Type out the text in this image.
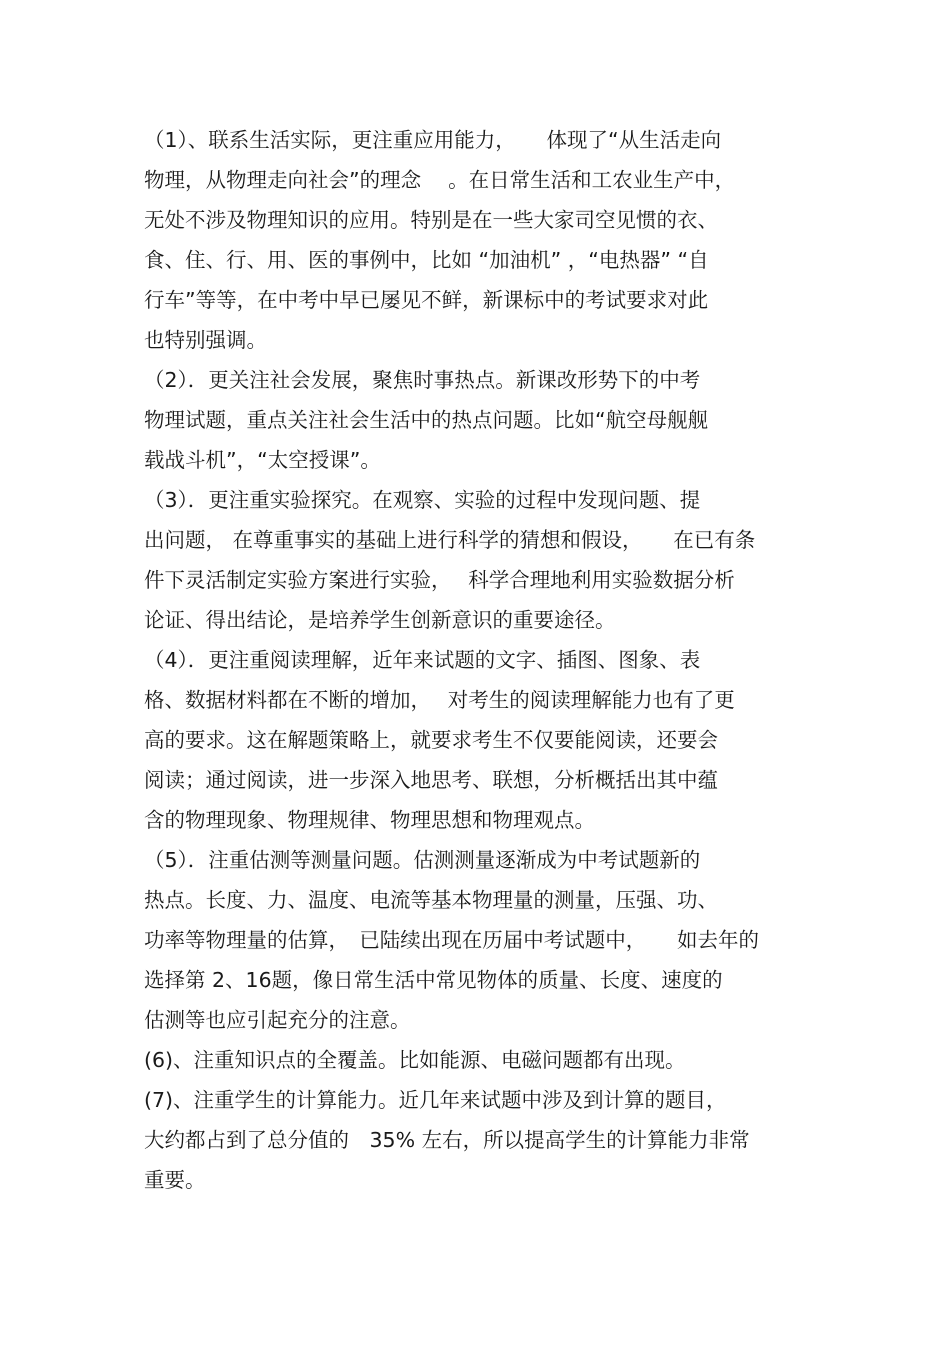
（1）、联系生活实际，更注重应用能力，　　体现了“从生活走向
物理，从物理走向社会”的理念　 。在日常生活和工农业生产中，
无处不涉及物理知识的应用。特别是在一些大家司空见惯的衣、
食、住、行、用、医的事例中，比如 “加油机” ，“电热器” “自
行车”等等，在中考中早已屡见不鲜，新课标中的考试要求对此
也特别强调。
（2）．更关注社会发展，聚焦时事热点。新课改形势下的中考
物理试题，重点关注社会生活中的热点问题。比如“航空母舰舰
载战斗机”，“太空授课”。
（3）．更注重实验探究。在观察、实验的过程中发现问题、提
出问题， 在尊重事实的基础上进行科学的猜想和假设，　　在已有条
件下灵活制定实验方案进行实验，　 科学合理地利用实验数据分析
论证、得出结论，是培养学生创新意识的重要途径。
（4）．更注重阅读理解，近年来试题的文字、插图、图象、表
格、数据材料都在不断的增加，　 对考生的阅读理解能力也有了更
高的要求。这在解题策略上，就要求考生不仅要能阅读，还要会
阅读；通过阅读，进一步深入地思考、联想，分析概括出其中蕴
含的物理现象、物理规律、物理思想和物理观点。
（5）．注重估测等测量问题。估测测量逐渐成为中考试题新的
热点。长度、力、温度、电流等基本物理量的测量，压强、功、
功率等物理量的估算，　已陆续出现在历届中考试题中，　　如去年的
选择第 2、16题，像日常生活中常见物体的质量、长度、速度的
估测等也应引起充分的注意。
(6)、注重知识点的全覆盖。比如能源、电磁问题都有出现。
(7)、注重学生的计算能力。近几年来试题中涉及到计算的题目，
大约都占到了总分值的　35% 左右，所以提高学生的计算能力非常
重要。
